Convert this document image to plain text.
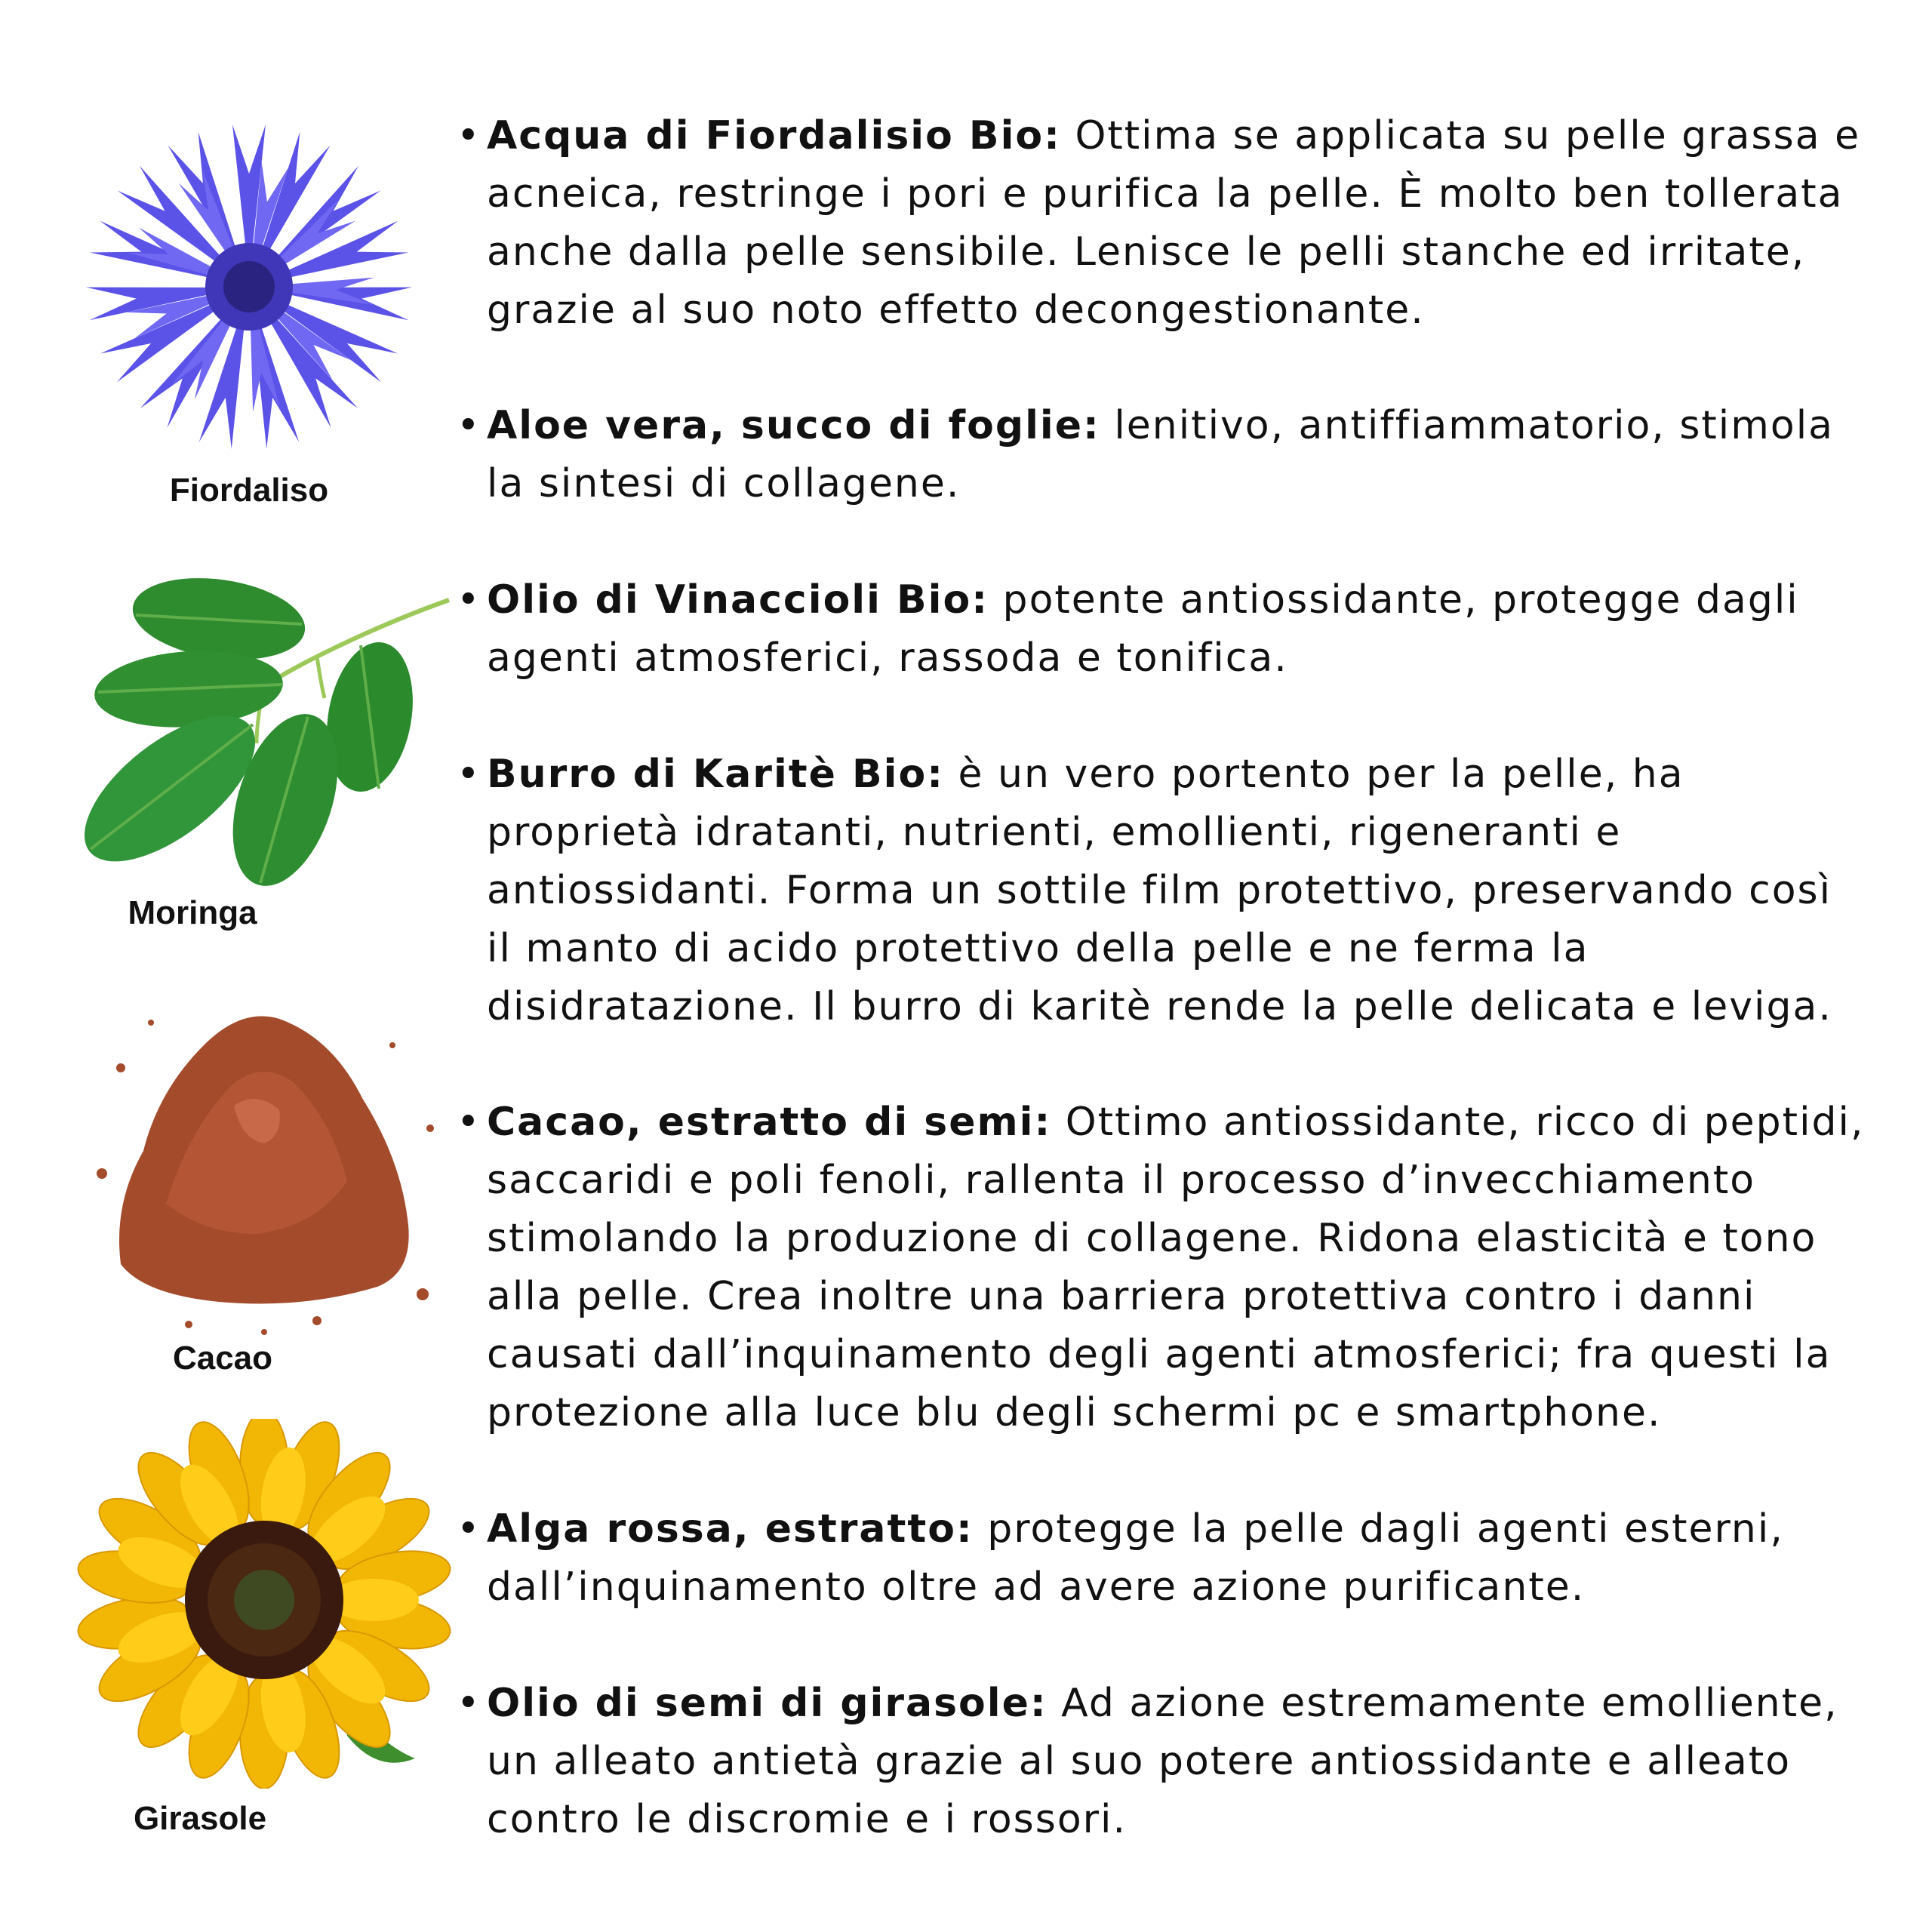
Fiordaliso
Moringa
Cacao
Girasole
• Acqua di Fiordalisio Bio: Ottima se applicata su pelle grassa e acneica, restringe i pori e purifica la pelle. È molto ben tollerata anche dalla pelle sensibile. Lenisce le pelli stanche ed irritate, grazie al suo noto effetto decongestionante.
• Aloe vera, succo di foglie: lenitivo, antiffiammatorio, stimola la sintesi di collagene.
• Olio di Vinaccioli Bio: potente antiossidante, protegge dagli agenti atmosferici, rassoda e tonifica.
• Burro di Karitè Bio: è un vero portento per la pelle, ha proprietà idratanti, nutrienti, emollienti, rigeneranti e antiossidanti. Forma un sottile film protettivo, preservando così il manto di acido protettivo della pelle e ne ferma la disidratazione. Il burro di karitè rende la pelle delicata e leviga.
• Cacao, estratto di semi: Ottimo antiossidante, ricco di peptidi, saccaridi e poli fenoli, rallenta il processo d’invecchiamento stimolando la produzione di collagene. Ridona elasticità e tono alla pelle. Crea inoltre una barriera protettiva contro i danni causati dall’inquinamento degli agenti atmosferici; fra questi la protezione alla luce blu degli schermi pc e smartphone.
• Alga rossa, estratto: protegge la pelle dagli agenti esterni, dall’inquinamento oltre ad avere azione purificante.
• Olio di semi di girasole: Ad azione estremamente emolliente, un alleato antietà grazie al suo potere antiossidante e alleato contro le discromie e i rossori.
